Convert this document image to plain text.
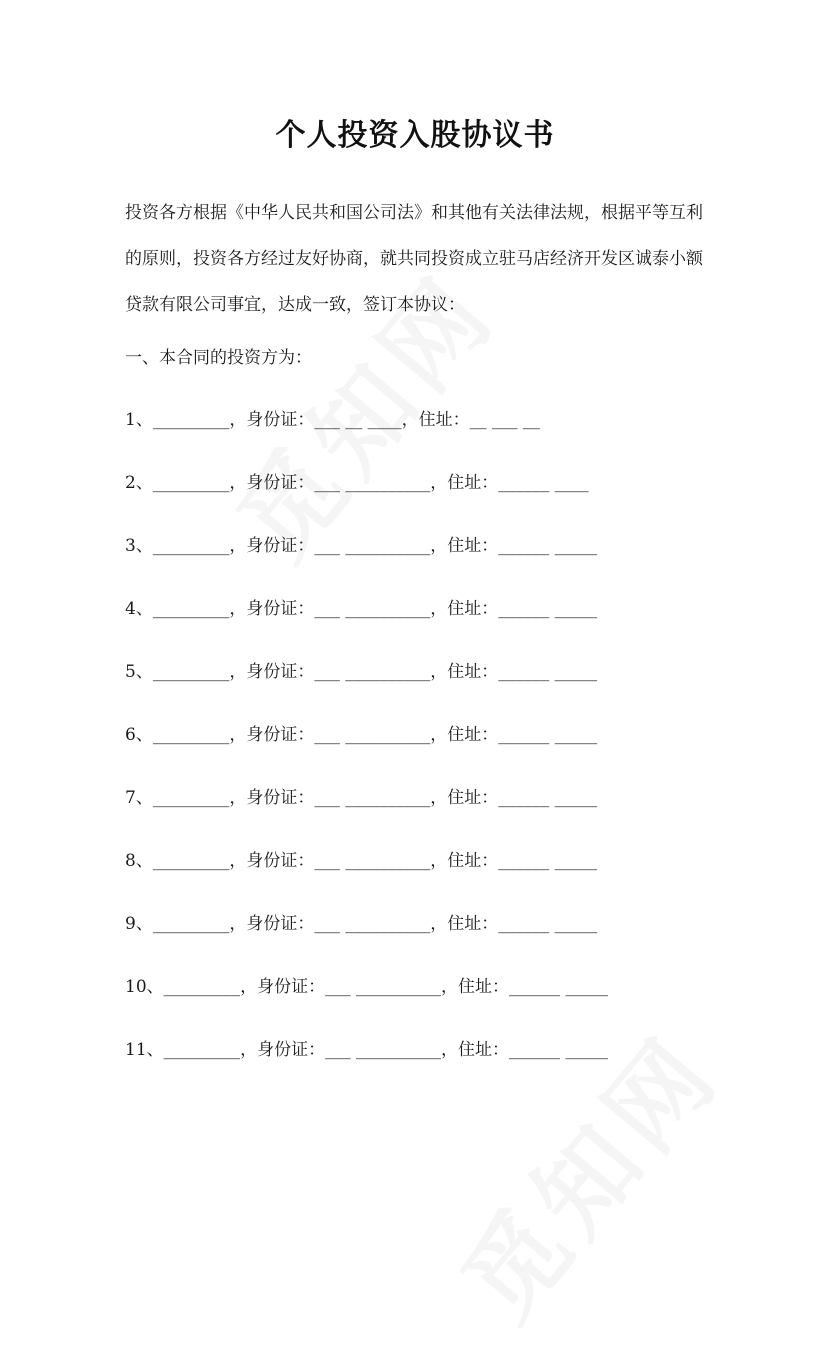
个人投资入股协议书

投资各方根据《中华人民共和国公司法》和其他有关法律法规，根据平等互利
的原则，投资各方经过友好协商，就共同投资成立驻马店经济开发区诚泰小额
贷款有限公司事宜，达成一致，签订本协议：

一、本合同的投资方为：

1、_________，身份证：___ __ ____，住址：__ ___ __
2、_________，身份证：___ __________，住址：______ ____
3、_________，身份证：___ __________，住址：______ _____
4、_________，身份证：___ __________，住址：______ _____
5、_________，身份证：___ __________，住址：______ _____
6、_________，身份证：___ __________，住址：______ _____
7、_________，身份证：___ __________，住址：______ _____
8、_________，身份证：___ __________，住址：______ _____
9、_________，身份证：___ __________，住址：______ _____
10、_________，身份证：___ __________，住址：______ _____
11、_________，身份证：___ __________，住址：______ _____
